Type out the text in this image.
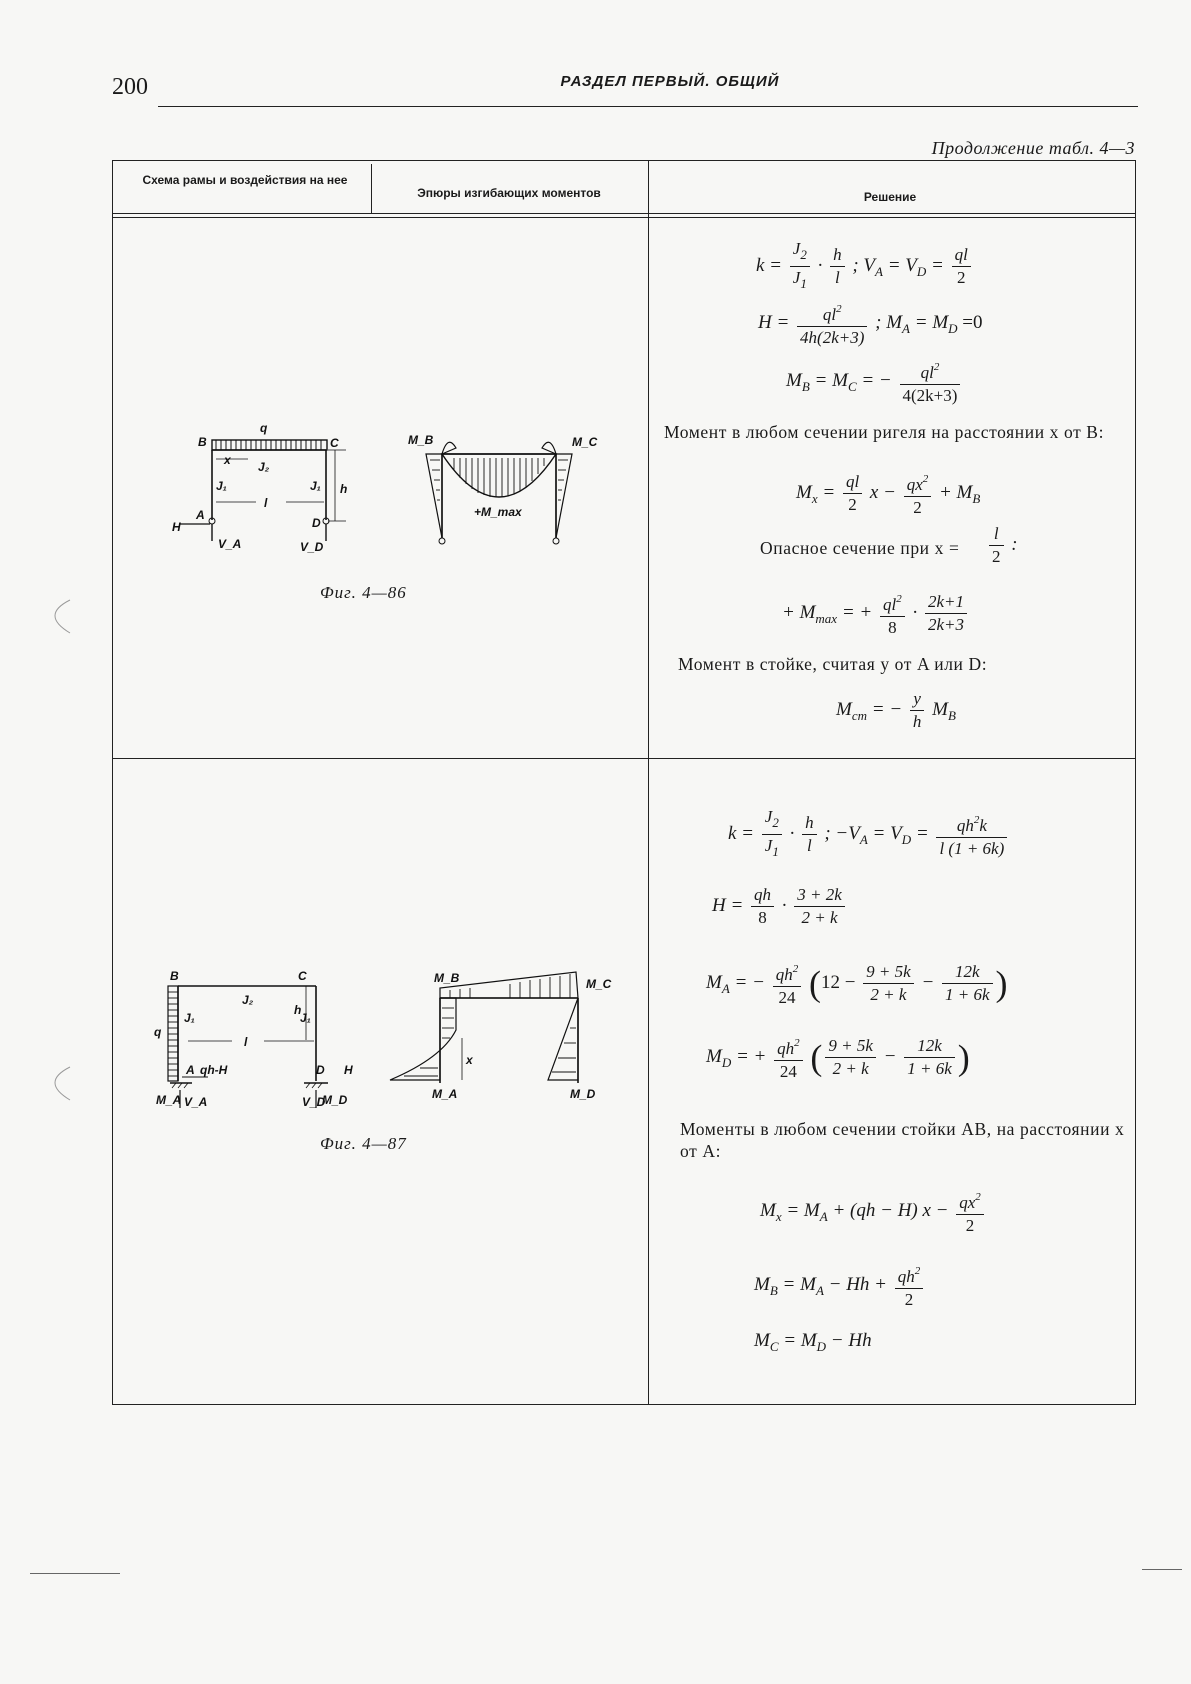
200	РАЗДЕЛ ПЕРВЫЙ. ОБЩИЙ
Продолжение табл. 4—3
Схема рамы и воздействия на нее
Эпюры изгибающих моментов	Решение
B	C
q
x J₂
J₁	J₁
l
h
A
H	D
V_A	V_D
M_B	M_C
+M_max
Фиг. 4—86
$k = \frac{J_2}{J_1} \cdot \frac{h}{l}$ ; $V_A = V_D = \frac{ql}{2}$
$H = \frac{ql^2}{4h(2k+3)}$ ; $M_A = M_D =0$
$M_B = M_C$ = − $\frac{ql^2}{4(2k+3)}$
Момент в любом сечении ригеля на расстоянии x от B:
$M_x = \frac{ql}{2}$ $x - \frac{qx^2}{2} + M_B$
Опасное сечение при $x = \frac{l}{2}$ :
+ $M_{max}$ = + $\frac{ql^2}{8} \cdot \frac{2k+1}{2k+3}$
Момент в стойке, считая y от A или D:
$M_{ст}$ = − $\frac{y}{h} M_B$
B	C
q
J₂
J₁	J₁
l
h
A qh-H	D H
M_A V_A	V_D
M_D
M_B	M_C
M_A	M_D
x
Фиг. 4—87
$k = \frac{J_2}{J_1} \cdot \frac{h}{l}$ ; $-V_A = V_D = \frac{qh^2k}{l (1 + 6k)}$
$H = \frac{qh}{8} \cdot \frac{3 + 2k}{2 + k}$
$M_A$ = − $\frac{qh^2}{24} (12 - \frac{9 + 5k}{2 + k} - \frac{12k}{1 + 6k}$ )
$M_D$ = + $\frac{qh^2}{24}$ ( $\frac{9 + 5k}{2 + k} - \frac{12k}{1 + 6k}$ )
Моменты в любом сечении стойки AB, на расстоянии x от A:
$M_x = M_A + (qh - H) x - \frac{qx^2}{2}$
$M_B = M_A - Hh + \frac{qh^2}{2}$
$M_C = M_D - Hh$
